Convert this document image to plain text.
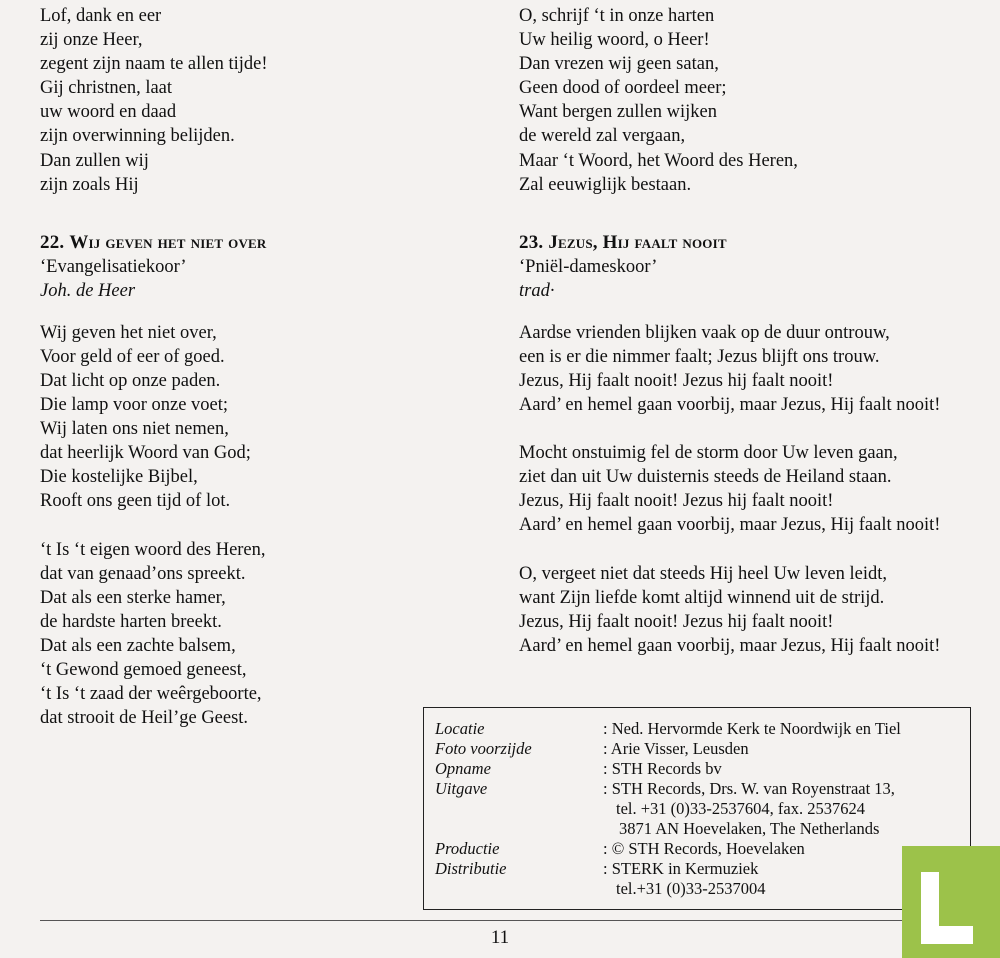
Lof, dank en eer
zij onze Heer,
zegent zijn naam te allen tijde!
Gij christnen, laat
uw woord en daad
zijn overwinning belijden.
Dan zullen wij
zijn zoals Hij
22. Wij geven het niet over
‘Evangelisatiekoor’
Joh. de Heer
Wij geven het niet over,
Voor geld of eer of goed.
Dat licht op onze paden.
Die lamp voor onze voet;
Wij laten ons niet nemen,
dat heerlijk Woord van God;
Die kostelijke Bijbel,
Rooft ons geen tijd of lot.
‘t Is ‘t eigen woord des Heren,
dat van genaad’ons spreekt.
Dat als een sterke hamer,
de hardste harten breekt.
Dat als een zachte balsem,
‘t Gewond gemoed geneest,
‘t Is ‘t zaad der weêrgeboorte,
dat strooit de Heil’ge Geest.
O, schrijf ‘t in onze harten
Uw heilig woord, o Heer!
Dan vrezen wij geen satan,
Geen dood of oordeel meer;
Want bergen zullen wijken
de wereld zal vergaan,
Maar ‘t Woord, het Woord des Heren,
Zal eeuwiglijk bestaan.
23. Jezus, Hij faalt nooit
‘Pniël-dameskoor’
trad·
Aardse vrienden blijken vaak op de duur ontrouw,
een is er die nimmer faalt; Jezus blijft ons trouw.
Jezus, Hij faalt nooit! Jezus hij faalt nooit!
Aard’ en hemel gaan voorbij, maar Jezus, Hij faalt nooit!
Mocht onstuimig fel de storm door Uw leven gaan,
ziet dan uit Uw duisternis steeds de Heiland staan.
Jezus, Hij faalt nooit! Jezus hij faalt nooit!
Aard’ en hemel gaan voorbij, maar Jezus, Hij faalt nooit!
O, vergeet niet dat steeds Hij heel Uw leven leidt,
want Zijn liefde komt altijd winnend uit de strijd.
Jezus, Hij faalt nooit! Jezus hij faalt nooit!
Aard’ en hemel gaan voorbij, maar Jezus, Hij faalt nooit!
Locatie	: Ned. Hervormde Kerk te Noordwijk en Tiel
Foto voorzijde	: Arie Visser, Leusden
Opname	: STH Records bv
Uitgave	: STH Records, Drs. W. van Royenstraat 13,
tel. +31 (0)33-2537604, fax. 2537624
3871 AN Hoevelaken, The Netherlands
Productie	: © STH Records, Hoevelaken
Distributie	: STERK in Kermuziek
tel.+31 (0)33-2537004
11
